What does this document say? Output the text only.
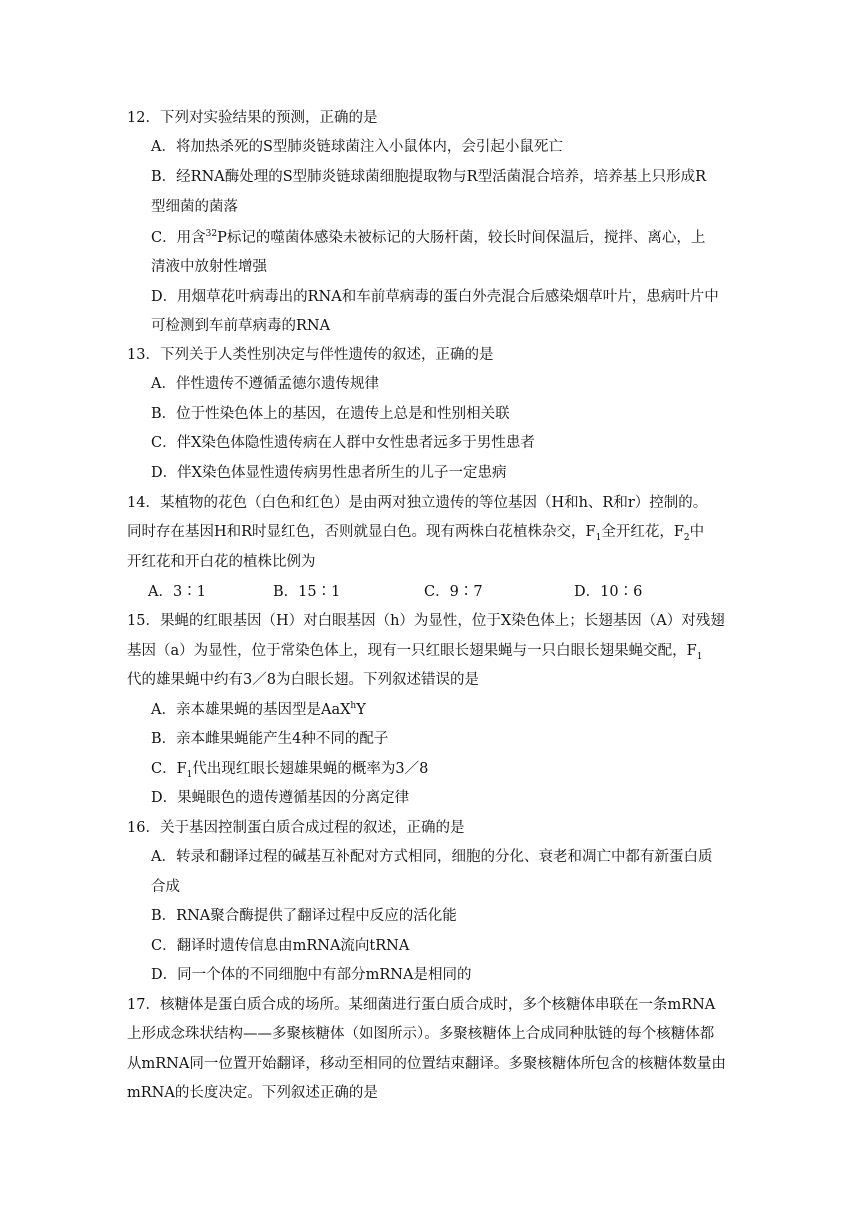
12．下列对实验结果的预测，正确的是
A．将加热杀死的S型肺炎链球菌注入小鼠体内，会引起小鼠死亡
B．经RNA酶处理的S型肺炎链球菌细胞提取物与R型活菌混合培养，培养基上只形成R
型细菌的菌落
C．用含$^{32}$P标记的噬菌体感染未被标记的大肠杆菌，较长时间保温后，搅拌、离心，上
清液中放射性增强
D．用烟草花叶病毒出的RNA和车前草病毒的蛋白外壳混合后感染烟草叶片，患病叶片中
可检测到车前草病毒的RNA
13．下列关于人类性别决定与伴性遗传的叙述，正确的是
A．伴性遗传不遵循孟德尔遗传规律
B．位于性染色体上的基因，在遗传上总是和性别相关联
C．伴X染色体隐性遗传病在人群中女性患者远多于男性患者
D．伴X染色体显性遗传病男性患者所生的儿子一定患病
14．某植物的花色（白色和红色）是由两对独立遗传的等位基因（H和h、R和r）控制的。
同时存在基因H和R时显红色，否则就显白色。现有两株白花植株杂交，$F_1$全开红花，$F_2$中
开红花和开白花的植株比例为
A．3∶1	B．15∶1	C．9∶7	D．10∶6
15．果蝇的红眼基因（H）对白眼基因（h）为显性，位于X染色体上；长翅基因（A）对残翅
基因（a）为显性，位于常染色体上，现有一只红眼长翅果蝇与一只白眼长翅果蝇交配，$F_1$
代的雄果蝇中约有3／8为白眼长翅。下列叙述错误的是
A．亲本雄果蝇的基因型是AaX$^h$Y
B．亲本雌果蝇能产生4种不同的配子
C．$F_1$代出现红眼长翅雄果蝇的概率为3／8
D．果蝇眼色的遗传遵循基因的分离定律
16．关于基因控制蛋白质合成过程的叙述，正确的是
A．转录和翻译过程的碱基互补配对方式相同，细胞的分化、衰老和凋亡中都有新蛋白质
合成
B．RNA聚合酶提供了翻译过程中反应的活化能
C．翻译时遗传信息由mRNA流向tRNA
D．同一个体的不同细胞中有部分mRNA是相同的
17．核糖体是蛋白质合成的场所。某细菌进行蛋白质合成时，多个核糖体串联在一条mRNA
上形成念珠状结构——多聚核糖体（如图所示）。多聚核糖体上合成同种肽链的每个核糖体都
从mRNA同一位置开始翻译，移动至相同的位置结束翻译。多聚核糖体所包含的核糖体数量由
mRNA的长度决定。下列叙述正确的是
